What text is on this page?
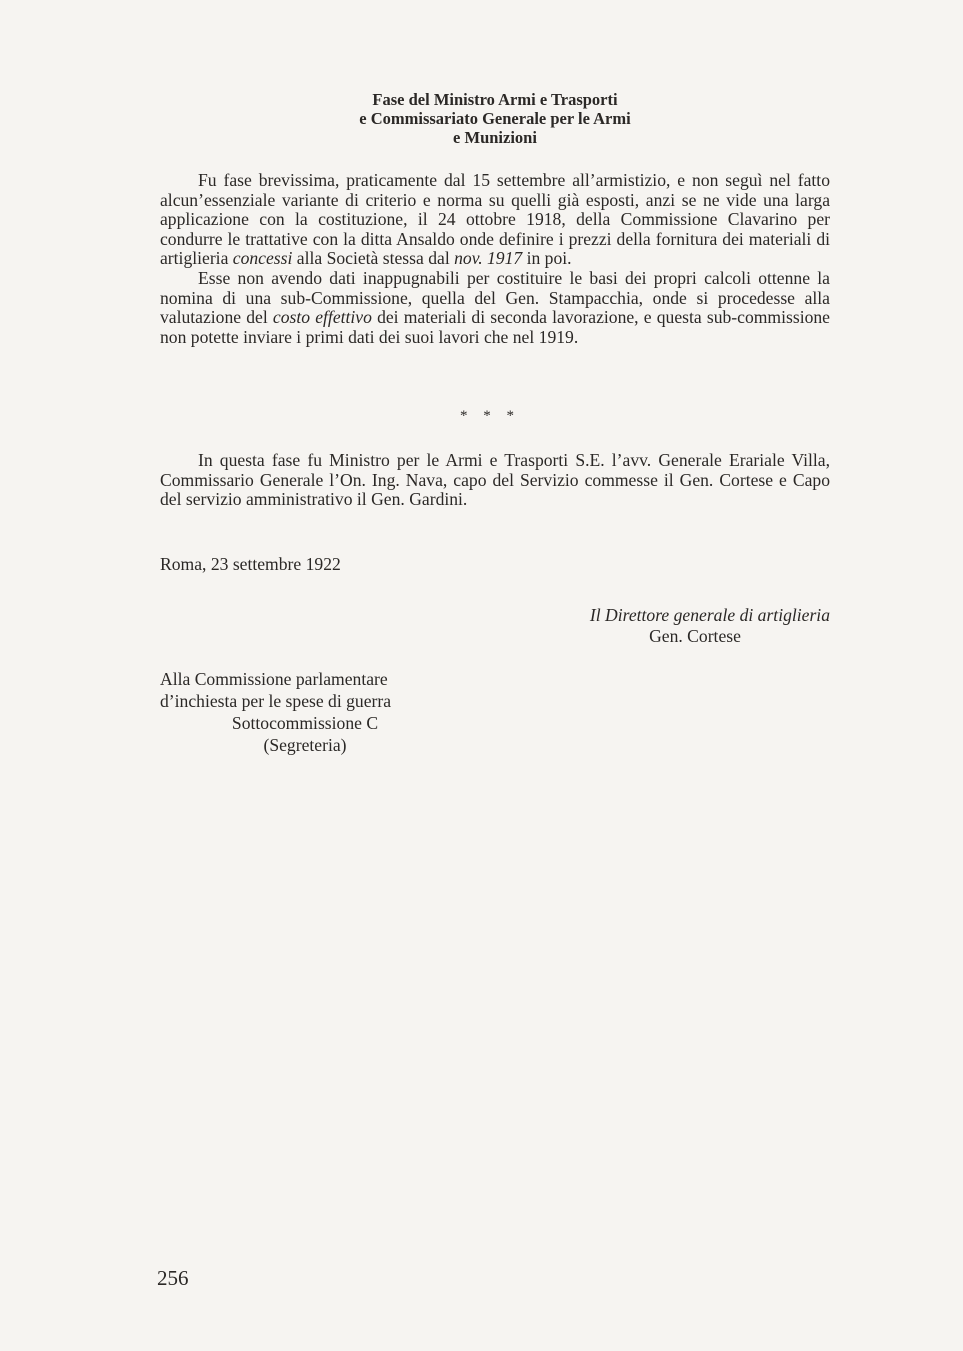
Fase del Ministro Armi e Trasporti
e Commissariato Generale per le Armi
e Munizioni

Fu fase brevissima, praticamente dal 15 settembre all’armistizio, e non seguì nel fatto alcun’essenziale variante di criterio e norma su quelli già esposti, anzi se ne vide una larga applicazione con la costituzione, il 24 ottobre 1918, della Commissione Clavarino per condurre le trattative con la ditta Ansaldo onde definire i prezzi della fornitura dei materiali di artiglieria concessi alla Società stessa dal nov. 1917 in poi.

Esse non avendo dati inappugnabili per costituire le basi dei propri calcoli ottenne la nomina di una sub-Commissione, quella del Gen. Stampacchia, onde si procedesse alla valutazione del costo effettivo dei materiali di seconda lavorazione, e questa sub-commissione non potette inviare i primi dati dei suoi lavori che nel 1919.

* * *

In questa fase fu Ministro per le Armi e Trasporti S.E. l’avv. Generale Erariale Villa, Commissario Generale l’On. Ing. Nava, capo del Servizio commesse il Gen. Cortese e Capo del servizio amministrativo il Gen. Gardini.

Roma, 23 settembre 1922
Il Direttore generale di artiglieria
Gen. Cortese
Alla Commissione parlamentare
d’inchiesta per le spese di guerra
Sottocommissione C
(Segreteria)
256
